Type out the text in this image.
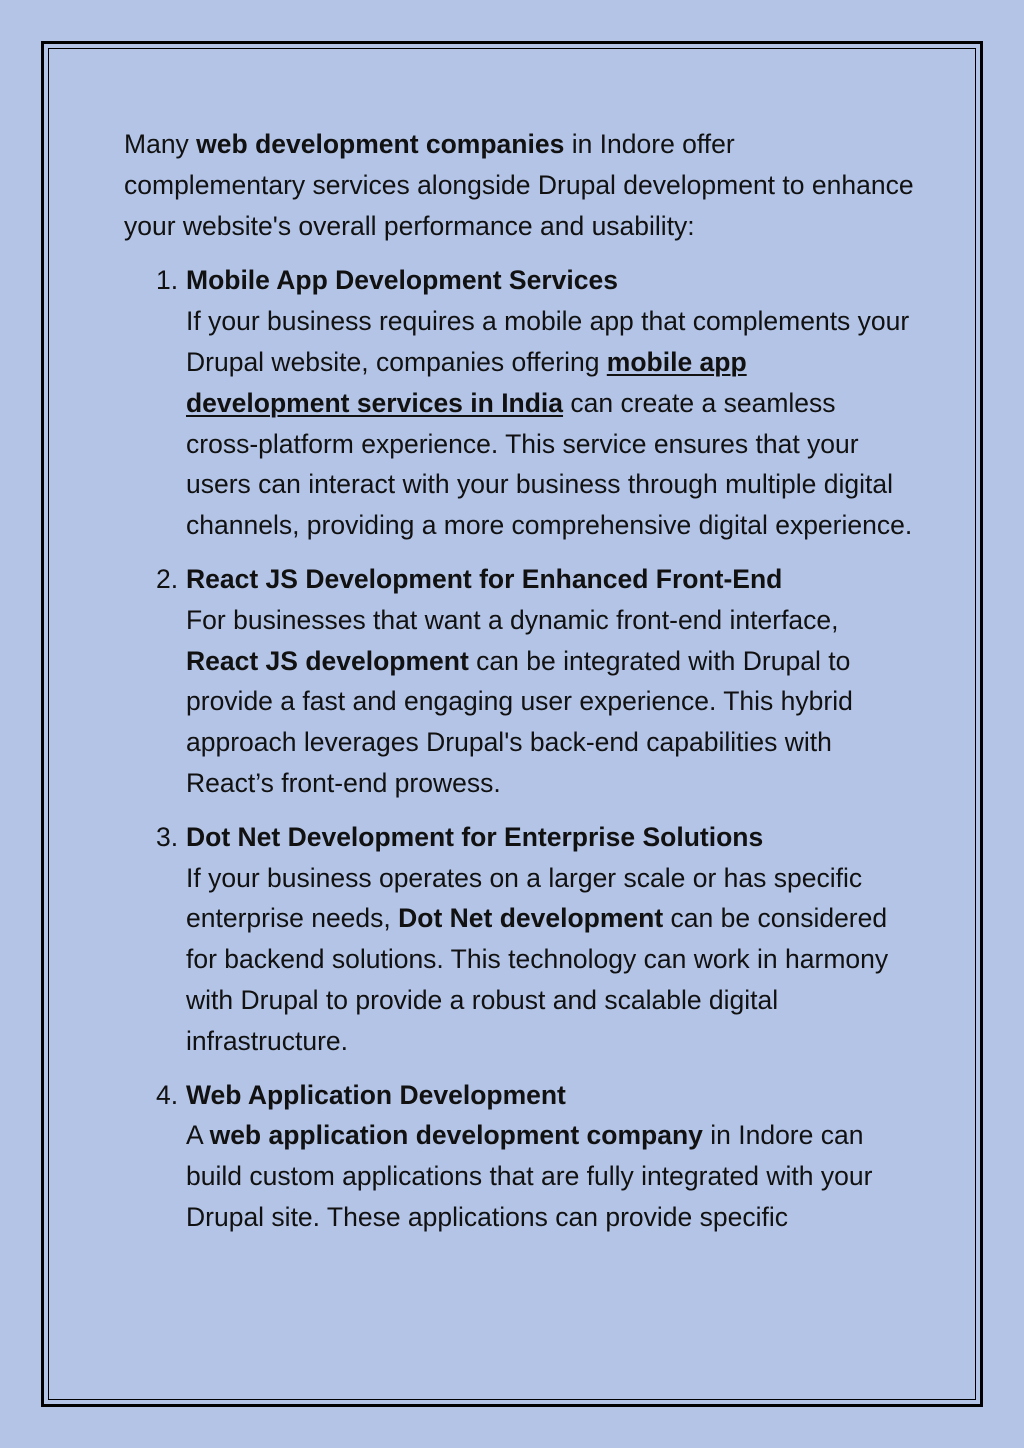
Many web development companies in Indore offer complementary services alongside Drupal development to enhance your website's overall performance and usability:

1. Mobile App Development Services
If your business requires a mobile app that complements your Drupal website, companies offering mobile app development services in India can create a seamless cross-platform experience. This service ensures that your users can interact with your business through multiple digital channels, providing a more comprehensive digital experience.
2. React JS Development for Enhanced Front-End
For businesses that want a dynamic front-end interface, React JS development can be integrated with Drupal to provide a fast and engaging user experience. This hybrid approach leverages Drupal's back-end capabilities with React’s front-end prowess.
3. Dot Net Development for Enterprise Solutions
If your business operates on a larger scale or has specific enterprise needs, Dot Net development can be considered for backend solutions. This technology can work in harmony with Drupal to provide a robust and scalable digital infrastructure.
4. Web Application Development
A web application development company in Indore can build custom applications that are fully integrated with your Drupal site. These applications can provide specific
